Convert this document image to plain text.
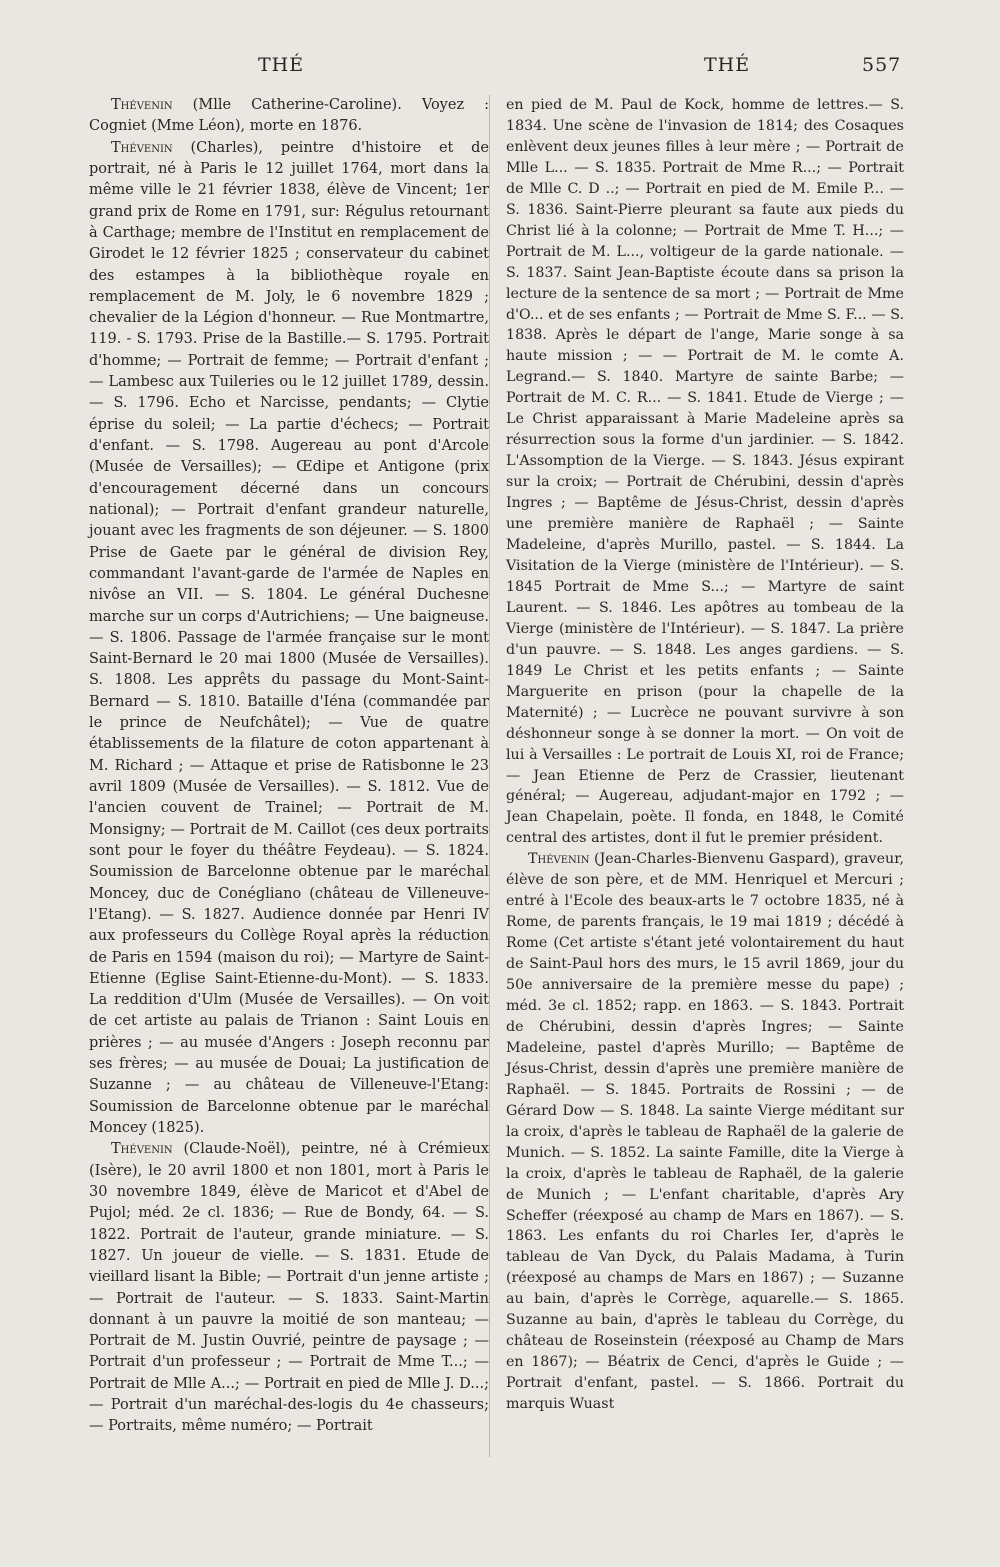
THÉ	THÉ	557

Thévenin (Mlle Catherine-Caroline). Voyez : Cogniet (Mme Léon), morte en 1876.

Thévenin (Charles), peintre d'histoire et de portrait, né à Paris le 12 juillet 1764, mort dans la même ville le 21 février 1838, élève de Vincent; 1er grand prix de Rome en 1791, sur: Régulus retournant à Carthage; membre de l'Institut en remplacement de Girodet le 12 février 1825 ; conservateur du cabinet des estampes à la bibliothèque royale en remplacement de M. Joly, le 6 novembre 1829 ; chevalier de la Légion d'honneur. — Rue Montmartre, 119. - S. 1793. Prise de la Bastille.— S. 1795. Portrait d'homme; — Portrait de femme; — Portrait d'enfant ; — Lambesc aux Tuileries ou le 12 juillet 1789, dessin. — S. 1796. Echo et Narcisse, pendants; — Clytie éprise du soleil; — La partie d'échecs; — Portrait d'enfant. — S. 1798. Augereau au pont d'Arcole (Musée de Versailles); — Œdipe et Antigone (prix d'encouragement décerné dans un concours national); — Portrait d'enfant grandeur naturelle, jouant avec les fragments de son déjeuner. — S. 1800 Prise de Gaete par le général de division Rey, commandant l'avant-garde de l'armée de Naples en nivôse an VII. — S. 1804. Le général Duchesne marche sur un corps d'Autrichiens; — Une baigneuse. — S. 1806. Passage de l'armée française sur le mont Saint-Bernard le 20 mai 1800 (Musée de Versailles). S. 1808. Les apprêts du passage du Mont-Saint-Bernard — S. 1810. Bataille d'Iéna (commandée par le prince de Neufchâtel); — Vue de quatre établissements de la filature de coton appartenant à M. Richard ; — Attaque et prise de Ratisbonne le 23 avril 1809 (Musée de Versailles). — S. 1812. Vue de l'ancien couvent de Trainel; — Portrait de M. Monsigny; — Portrait de M. Caillot (ces deux portraits sont pour le foyer du théâtre Feydeau). — S. 1824. Soumission de Barcelonne obtenue par le maréchal Moncey, duc de Conégliano (château de Villeneuve-l'Etang). — S. 1827. Audience donnée par Henri IV aux professeurs du Collège Royal après la réduction de Paris en 1594 (maison du roi); — Martyre de Saint-Etienne (Eglise Saint-Etienne-du-Mont). — S. 1833. La reddition d'Ulm (Musée de Versailles). — On voit de cet artiste au palais de Trianon : Saint Louis en prières ; — au musée d'Angers : Joseph reconnu par ses frères; — au musée de Douai; La justification de Suzanne ; — au château de Villeneuve-l'Etang: Soumission de Barcelonne obtenue par le maréchal Moncey (1825).

Thévenin (Claude-Noël), peintre, né à Crémieux (Isère), le 20 avril 1800 et non 1801, mort à Paris le 30 novembre 1849, élève de Maricot et d'Abel de Pujol; méd. 2e cl. 1836; — Rue de Bondy, 64. — S. 1822. Portrait de l'auteur, grande miniature. — S. 1827. Un joueur de vielle. — S. 1831. Etude de vieillard lisant la Bible; — Portrait d'un jenne artiste ; — Portrait de l'auteur. — S. 1833. Saint-Martin donnant à un pauvre la moitié de son manteau; — Portrait de M. Justin Ouvrié, peintre de paysage ; — Portrait d'un professeur ; — Portrait de Mme T...; — Portrait de Mlle A...; — Portrait en pied de Mlle J. D...; — Portrait d'un maréchal-des-logis du 4e chasseurs; — Portraits, même numéro; — Portrait

en pied de M. Paul de Kock, homme de lettres.— S. 1834. Une scène de l'invasion de 1814; des Cosaques enlèvent deux jeunes filles à leur mère ; — Portrait de Mlle L... — S. 1835. Portrait de Mme R...; — Portrait de Mlle C. D ..; — Portrait en pied de M. Emile P... — S. 1836. Saint-Pierre pleurant sa faute aux pieds du Christ lié à la colonne; — Portrait de Mme T. H...; — Portrait de M. L..., voltigeur de la garde nationale. — S. 1837. Saint Jean-Baptiste écoute dans sa prison la lecture de la sentence de sa mort ; — Portrait de Mme d'O... et de ses enfants ; — Portrait de Mme S. F... — S. 1838. Après le départ de l'ange, Marie songe à sa haute mission ; — — Portrait de M. le comte A. Legrand.— S. 1840. Martyre de sainte Barbe; — Portrait de M. C. R... — S. 1841. Etude de Vierge ; — Le Christ apparaissant à Marie Madeleine après sa résurrection sous la forme d'un jardinier. — S. 1842. L'Assomption de la Vierge. — S. 1843. Jésus expirant sur la croix; — Portrait de Chérubini, dessin d'après Ingres ; — Baptême de Jésus-Christ, dessin d'après une première manière de Raphaël ; — Sainte Madeleine, d'après Murillo, pastel. — S. 1844. La Visitation de la Vierge (ministère de l'Intérieur). — S. 1845 Portrait de Mme S...; — Martyre de saint Laurent. — S. 1846. Les apôtres au tombeau de la Vierge (ministère de l'Intérieur). — S. 1847. La prière d'un pauvre. — S. 1848. Les anges gardiens. — S. 1849 Le Christ et les petits enfants ; — Sainte Marguerite en prison (pour la chapelle de la Maternité) ; — Lucrèce ne pouvant survivre à son déshonneur songe à se donner la mort. — On voit de lui à Versailles : Le portrait de Louis XI, roi de France; — Jean Etienne de Perz de Crassier, lieutenant général; — Augereau, adjudant-major en 1792 ; — Jean Chapelain, poète. Il fonda, en 1848, le Comité central des artistes, dont il fut le premier président.

Thévenin (Jean-Charles-Bienvenu Gaspard), graveur, élève de son père, et de MM. Henriquel et Mercuri ; entré à l'Ecole des beaux-arts le 7 octobre 1835, né à Rome, de parents français, le 19 mai 1819 ; décédé à Rome (Cet artiste s'étant jeté volontairement du haut de Saint-Paul hors des murs, le 15 avril 1869, jour du 50e anniversaire de la première messe du pape) ; méd. 3e cl. 1852; rapp. en 1863. — S. 1843. Portrait de Chérubini, dessin d'après Ingres; — Sainte Madeleine, pastel d'après Murillo; — Baptême de Jésus-Christ, dessin d'après une première manière de Raphaël. — S. 1845. Portraits de Rossini ; — de Gérard Dow — S. 1848. La sainte Vierge méditant sur la croix, d'après le tableau de Raphaël de la galerie de Munich. — S. 1852. La sainte Famille, dite la Vierge à la croix, d'après le tableau de Raphaël, de la galerie de Munich ; — L'enfant charitable, d'après Ary Scheffer (réexposé au champ de Mars en 1867). — S. 1863. Les enfants du roi Charles Ier, d'après le tableau de Van Dyck, du Palais Madama, à Turin (réexposé au champs de Mars en 1867) ; — Suzanne au bain, d'après le Corrège, aquarelle.— S. 1865. Suzanne au bain, d'après le tableau du Corrège, du château de Roseinstein (réexposé au Champ de Mars en 1867); — Béatrix de Cenci, d'après le Guide ; — Portrait d'enfant, pastel. — S. 1866. Portrait du marquis Wuast
